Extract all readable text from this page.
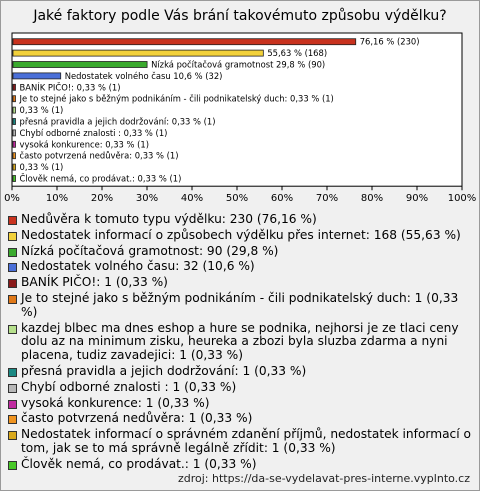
Jaké faktory podle Vás brání takovémuto způsobu výdělku?
76,16 % (230)
55,63 % (168)
Nízká počítačová gramotnost 29,8 % (90)
Nedostatek volného času 10,6 % (32)
BANÍK PIČO!: 0,33 % (1)
Je to stejné jako s běžným podnikáním - čili podnikatelský duch: 0,33 % (1)
0,33 % (1)
přesná pravidla a jejich dodržování: 0,33 % (1)
Chybí odborné znalosti : 0,33 % (1)
vysoká konkurence: 0,33 % (1)
často potvrzená nedůvěra: 0,33 % (1)
0,33 % (1)
Člověk nemá, co prodávat.: 0,33 % (1)
0%	10% 20% 30% 40% 50% 60% 70% 80% 90% 100%
Nedůvěra k tomuto typu výdělku: 230 (76,16 %)
Nedostatek informací o způsobech výdělku přes internet: 168 (55,63 %)
Nízká počítačová gramotnost: 90 (29,8 %)
Nedostatek volného času: 32 (10,6 %)
BANÍK PIČO!: 1 (0,33 %)
Je to stejné jako s běžným podnikáním - čili podnikatelský duch: 1 (0,33 %)
kazdej blbec ma dnes eshop a hure se podnika, nejhorsi je ze tlaci ceny dolu az na minimum zisku, heureka a zbozi byla sluzba zdarma a nyni placena, tudiz zavadejici: 1 (0,33 %)
přesná pravidla a jejich dodržování: 1 (0,33 %)
Chybí odborné znalosti : 1 (0,33 %)
vysoká konkurence: 1 (0,33 %)
často potvrzená nedůvěra: 1 (0,33 %)
Nedostatek informací o správném zdanění příjmů, nedostatek informací o tom, jak se to má správně legálně zřídit: 1 (0,33 %)
Člověk nemá, co prodávat.: 1 (0,33 %)
zdroj: https://da-se-vydelavat-pres-interne.vyplnto.cz
